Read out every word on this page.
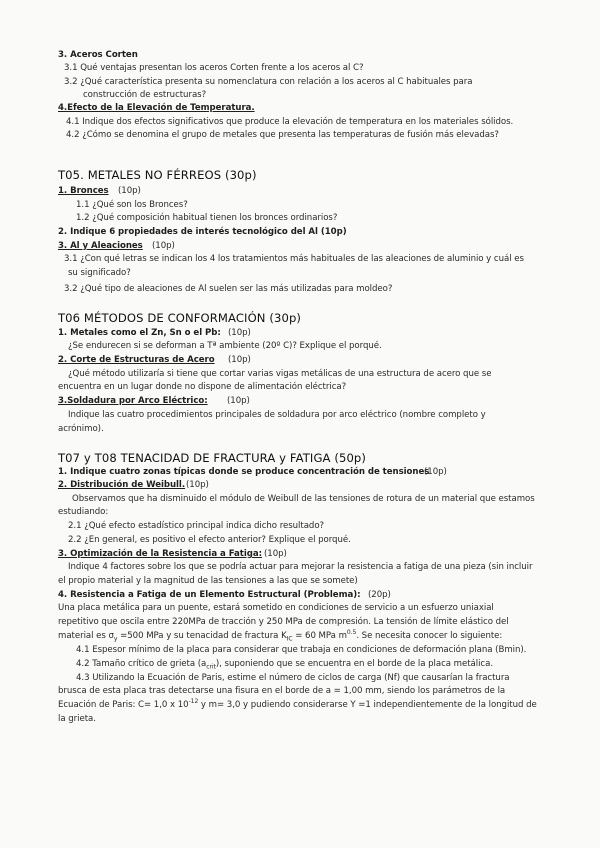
3. Aceros Corten
3.1 Qué ventajas presentan los aceros Corten frente a los aceros al C?
3.2 ¿Qué característica presenta su nomenclatura con relación a los aceros al C habituales para
construcción de estructuras?
4.Efecto de la Elevación de Temperatura.
4.1 Indique dos efectos significativos que produce la elevación de temperatura en los materiales sólidos.
4.2 ¿Cómo se denomina el grupo de metales que presenta las temperaturas de fusión más elevadas?
T05. METALES NO FÉRREOS (30p)
1. Bronces (10p)
1.1 ¿Qué son los Bronces?
1.2 ¿Qué composición habitual tienen los bronces ordinarios?
2. Indique 6 propiedades de interés tecnológico del Al (10p)
3. Al y Aleaciones (10p)
3.1 ¿Con qué letras se indican los 4 los tratamientos más habituales de las aleaciones de aluminio y cuál es
su significado?
3.2 ¿Qué tipo de aleaciones de Al suelen ser las más utilizadas para moldeo?
T06 MÉTODOS DE CONFORMACIÓN (30p)
1. Metales como el Zn, Sn o el Pb: (10p)
¿Se endurecen si se deforman a Tª ambiente (20º C)? Explique el porqué.
2. Corte de Estructuras de Acero (10p)
¿Qué método utilizaría si tiene que cortar varias vigas metálicas de una estructura de acero que se
encuentra en un lugar donde no dispone de alimentación eléctrica?
3.Soldadura por Arco Eléctrico: (10p)
Indique las cuatro procedimientos principales de soldadura por arco eléctrico (nombre completo y
acrónimo).
T07 y T08 TENACIDAD DE FRACTURA y FATIGA (50p)
1. Indique cuatro zonas típicas donde se produce concentración de tensiones
(10p)
2. Distribución de Weibull. (10p)
Observamos que ha disminuido el módulo de Weibull de las tensiones de rotura de un material que estamos
estudiando:
2.1 ¿Qué efecto estadístico principal indica dicho resultado?
2.2 ¿En general, es positivo el efecto anterior? Explique el porqué.
3. Optimización de la Resistencia a Fatiga: (10p)
Indique 4 factores sobre los que se podría actuar para mejorar la resistencia a fatiga de una pieza (sin incluir
el propio material y la magnitud de las tensiones a las que se somete)
4. Resistencia a Fatiga de un Elemento Estructural (Problema): (20p)
Una placa metálica para un puente, estará sometido en condiciones de servicio a un esfuerzo uniaxial
repetitivo que oscila entre 220MPa de tracción y 250 MPa de compresión. La tensión de límite elástico del
material es $\sigma_y =500$ MPa y su tenacidad de fractura $K_{IC} = 60$ MPa $m^{0.5}$. Se necesita conocer lo siguiente:
4.1 Espesor mínimo de la placa para considerar que trabaja en condiciones de deformación plana (Bmin).
4.2 Tamaño crítico de grieta $(a_{crit})$, suponiendo que se encuentra en el borde de la placa metálica.
4.3 Utilizando la Ecuación de Paris, estime el número de ciclos de carga (Nf) que causarían la fractura
brusca de esta placa tras detectarse una fisura en el borde de a = 1,00 mm, siendo los parámetros de la
Ecuación de Paris: C= 1,0 x $10^{-12}$ y m= 3,0 y pudiendo considerarse Y =1 independientemente de la longitud de
la grieta.
